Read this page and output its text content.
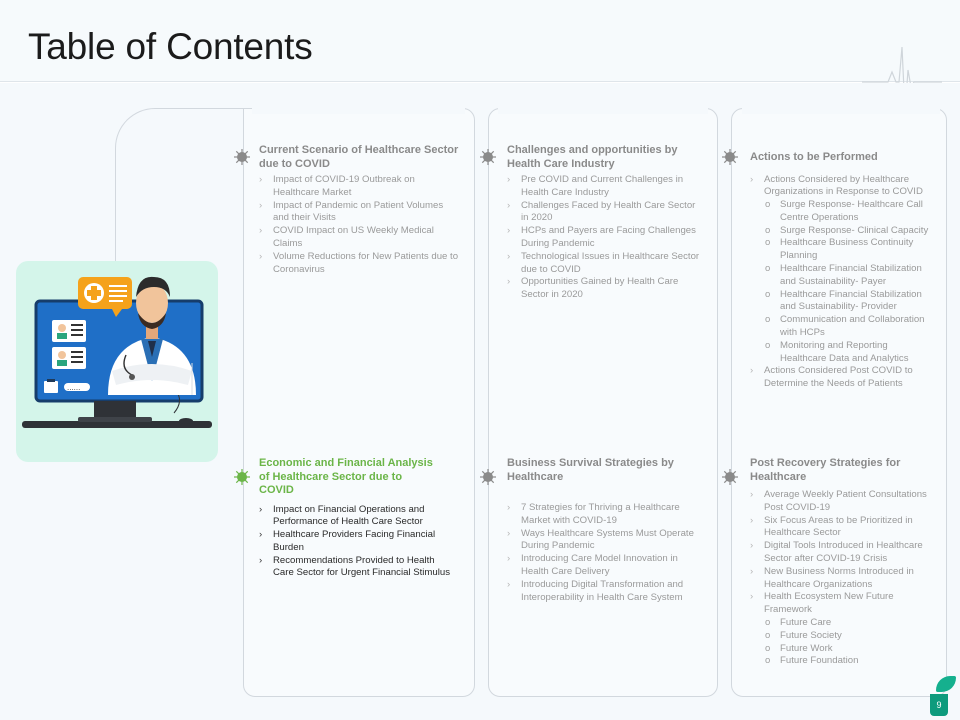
Table of Contents
......
Current Scenario of Healthcare Sector due to COVID
› Impact of COVID-19 Outbreak on Healthcare Market
› Impact of Pandemic on Patient Volumes and their Visits
› COVID Impact on US Weekly Medical Claims
› Volume Reductions for New Patients due to Coronavirus
Challenges and opportunities by Health Care Industry
› Pre COVID and Current Challenges in Health Care Industry
› Challenges Faced by Health Care Sector in 2020
› HCPs and Payers are Facing Challenges During Pandemic
› Technological Issues in Healthcare Sector due to COVID
› Opportunities Gained by Health Care Sector in 2020
Actions to be Performed
› Actions Considered by Healthcare Organizations in Response to COVID
o Surge Response- Healthcare Call Centre Operations
o Surge Response- Clinical Capacity
o Healthcare Business Continuity Planning
o Healthcare Financial Stabilization and Sustainability- Payer
o Healthcare Financial Stabilization and Sustainability- Provider
o Communication and Collaboration with HCPs
o Monitoring and Reporting Healthcare Data and Analytics
› Actions Considered Post COVID to Determine the Needs of Patients
Economic and Financial Analysis of Healthcare Sector due to COVID
› Impact on Financial Operations and Performance of Health Care Sector
› Healthcare Providers Facing Financial Burden
› Recommendations Provided to Health Care Sector for Urgent Financial Stimulus
Business Survival Strategies by Healthcare
› 7 Strategies for Thriving a Healthcare Market with COVID-19
› Ways Healthcare Systems Must Operate During Pandemic
› Introducing Care Model Innovation in Health Care Delivery
› Introducing Digital Transformation and Interoperability in Health Care System
Post Recovery Strategies for Healthcare
› Average Weekly Patient Consultations Post COVID-19
› Six Focus Areas to be Prioritized in Healthcare Sector
› Digital Tools Introduced in Healthcare Sector after COVID-19 Crisis
› New Business Norms Introduced in Healthcare Organizations
› Health Ecosystem New Future Framework
o Future Care
o Future Society
o Future Work
o Future Foundation
9
